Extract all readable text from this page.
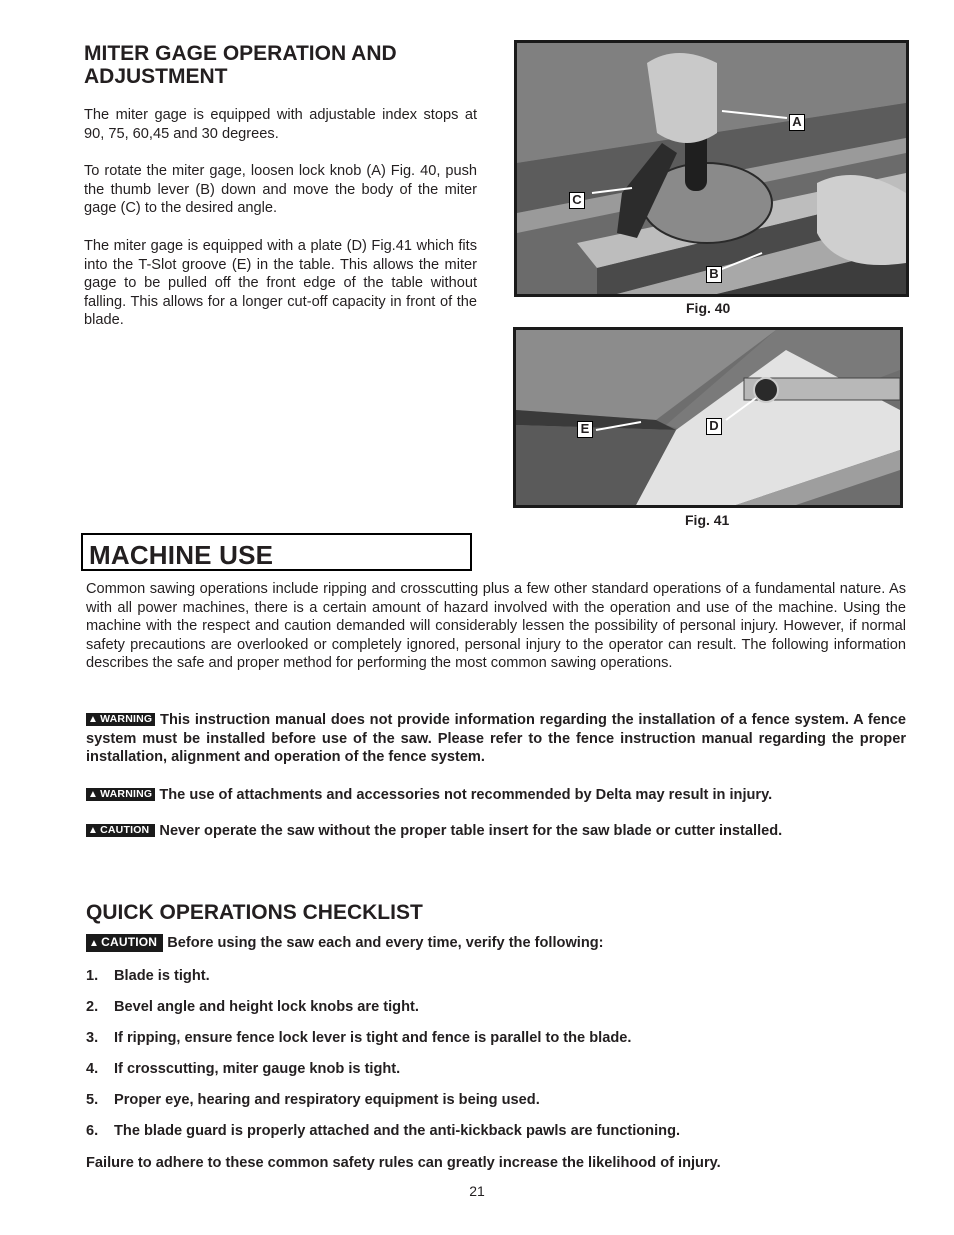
MITER GAGE OPERATION AND ADJUSTMENT

The miter gage is equipped with adjustable index stops at 90, 75, 60,45 and 30 degrees.

To rotate the miter gage, loosen lock knob (A) Fig. 40, push the thumb lever (B) down and move the body of the miter gage (C) to the desired angle.

The miter gage is equipped with a plate (D) Fig.41 which fits into the T-Slot groove (E) in the table. This allows the miter gage to be pulled off the front edge of the table without falling. This allows for a longer cut-off capacity in front of the blade.

A
C
B
Fig. 40
E	D
Fig. 41
MACHINE USE

Common sawing operations include ripping and crosscutting plus a few other standard operations of a fundamental nature. As with all power machines, there is a certain amount of hazard involved with the operation and use of the machine. Using the machine with the respect and caution demanded will considerably lessen the possibility of personal injury. However, if normal safety precautions are overlooked or completely ignored, personal injury to the operator can result. The following information describes the safe and proper method for performing the most common sawing operations.

▲ WARNING This instruction manual does not provide information regarding the installation of a fence system. A fence system must be installed before use of the saw. Please refer to the fence instruction manual regarding the proper installation, alignment and operation of the fence system.
▲ WARNING The use of attachments and accessories not recommended by Delta may result in injury.
▲ CAUTION Never operate the saw without the proper table insert for the saw blade or cutter installed.
QUICK OPERATIONS CHECKLIST
▲ CAUTION Before using the saw each and every time, verify the following:
1. Blade is tight.
2. Bevel angle and height lock knobs are tight.
3. If ripping, ensure fence lock lever is tight and fence is parallel to the blade.
4. If crosscutting, miter gauge knob is tight.
5. Proper eye, hearing and respiratory equipment is being used.
6. The blade guard is properly attached and the anti-kickback pawls are functioning.
Failure to adhere to these common safety rules can greatly increase the likelihood of injury.
21
